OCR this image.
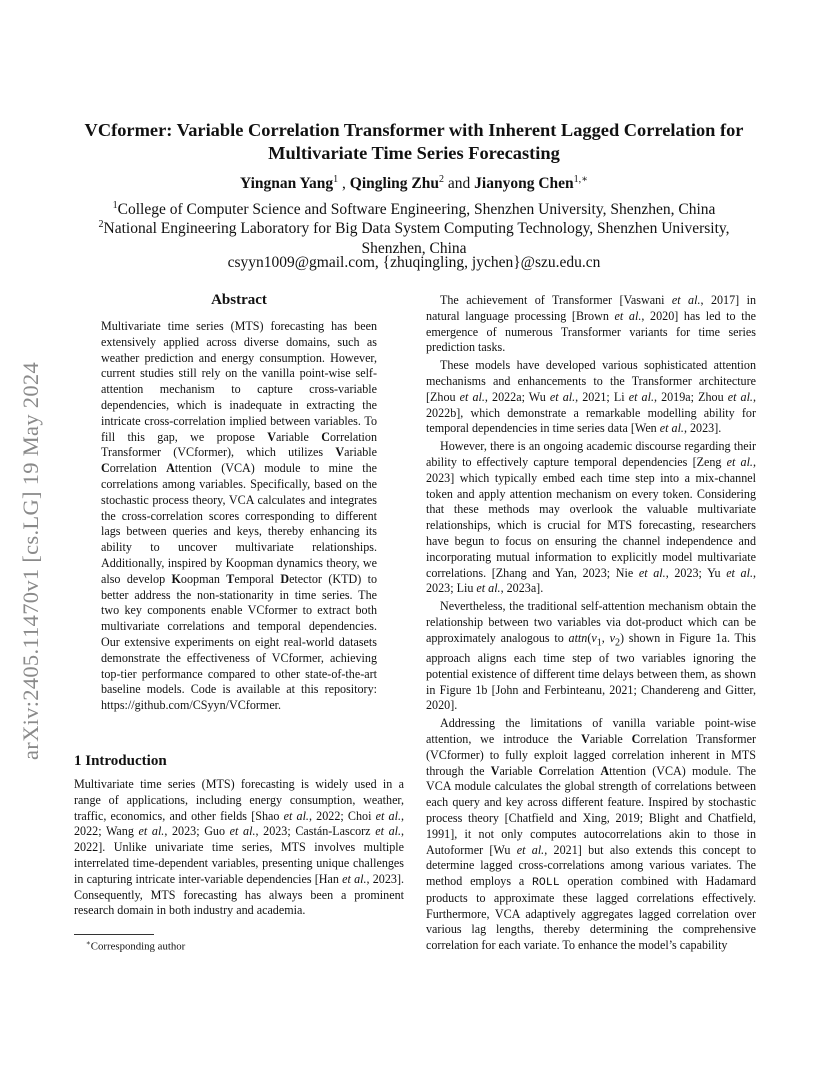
arXiv:2405.11470v1 [cs.LG] 19 May 2024
VCformer: Variable Correlation Transformer with Inherent Lagged Correlation for
Multivariate Time Series Forecasting
Yingnan Yang$^1$ , Qingling Zhu$^2$ and Jianyong Chen$^{1,∗}$
$^1$College of Computer Science and Software Engineering, Shenzhen University, Shenzhen, China
$^2$National Engineering Laboratory for Big Data System Computing Technology, Shenzhen University,
Shenzhen, China
csyyn1009@gmail.com, {zhuqingling, jychen}@szu.edu.cn
Abstract
Multivariate time series (MTS) forecasting has been extensively applied across diverse domains, such as weather prediction and energy consumption. However, current studies still rely on the vanilla point-wise self-attention mechanism to capture cross-variable dependencies, which is inadequate in extracting the intricate cross-correlation implied between variables. To fill this gap, we propose Variable Correlation Transformer (VCformer), which utilizes Variable Correlation Attention (VCA) module to mine the correlations among variables. Specifically, based on the stochastic process theory, VCA calculates and integrates the cross-correlation scores corresponding to different lags between queries and keys, thereby enhancing its ability to uncover multivariate relationships. Additionally, inspired by Koopman dynamics theory, we also develop Koopman Temporal Detector (KTD) to better address the non-stationarity in time series. The two key components enable VCformer to extract both multivariate correlations and temporal dependencies. Our extensive experiments on eight real-world datasets demonstrate the effectiveness of VCformer, achieving top-tier performance compared to other state-of-the-art baseline models. Code is available at this repository: https://github.com/CSyyn/VCformer.
1 Introduction

Multivariate time series (MTS) forecasting is widely used in a range of applications, including energy consumption, weather, traffic, economics, and other fields [Shao et al., 2022; Choi et al., 2022; Wang et al., 2023; Guo et al., 2023; Castán-Lascorz et al., 2022]. Unlike univariate time series, MTS involves multiple interrelated time-dependent variables, presenting unique challenges in capturing intricate inter-variable dependencies [Han et al., 2023]. Consequently, MTS forecasting has always been a prominent research domain in both industry and academia.

∗Corresponding author

The achievement of Transformer [Vaswani et al., 2017] in natural language processing [Brown et al., 2020] has led to the emergence of numerous Transformer variants for time series prediction tasks.

These models have developed various sophisticated attention mechanisms and enhancements to the Transformer architecture [Zhou et al., 2022a; Wu et al., 2021; Li et al., 2019a; Zhou et al., 2022b], which demonstrate a remarkable modelling ability for temporal dependencies in time series data [Wen et al., 2023].

However, there is an ongoing academic discourse regarding their ability to effectively capture temporal dependencies [Zeng et al., 2023] which typically embed each time step into a mix-channel token and apply attention mechanism on every token. Considering that these methods may overlook the valuable multivariate relationships, which is crucial for MTS forecasting, researchers have begun to focus on ensuring the channel independence and incorporating mutual information to explicitly model multivariate correlations. [Zhang and Yan, 2023; Nie et al., 2023; Yu et al., 2023; Liu et al., 2023a].

Nevertheless, the traditional self-attention mechanism obtain the relationship between two variables via dot-product which can be approximately analogous to $attn(v_1$, $v_2$) shown in Figure 1a. This approach aligns each time step of two variables ignoring the potential existence of different time delays between them, as shown in Figure 1b [John and Ferbinteanu, 2021; Chandereng and Gitter, 2020].

Addressing the limitations of vanilla variable point-wise attention, we introduce the Variable Correlation Transformer (VCformer) to fully exploit lagged correlation inherent in MTS through the Variable Correlation Attention (VCA) module. The VCA module calculates the global strength of correlations between each query and key across different feature. Inspired by stochastic process theory [Chatfield and Xing, 2019; Blight and Chatfield, 1991], it not only computes autocorrelations akin to those in Autoformer [Wu et al., 2021] but also extends this concept to determine lagged cross-correlations among various variates. The method employs a ROLL operation combined with Hadamard products to approximate these lagged correlations effectively. Furthermore, VCA adaptively aggregates lagged correlation over various lag lengths, thereby determining the comprehensive correlation for each variate. To enhance the model’s capability
